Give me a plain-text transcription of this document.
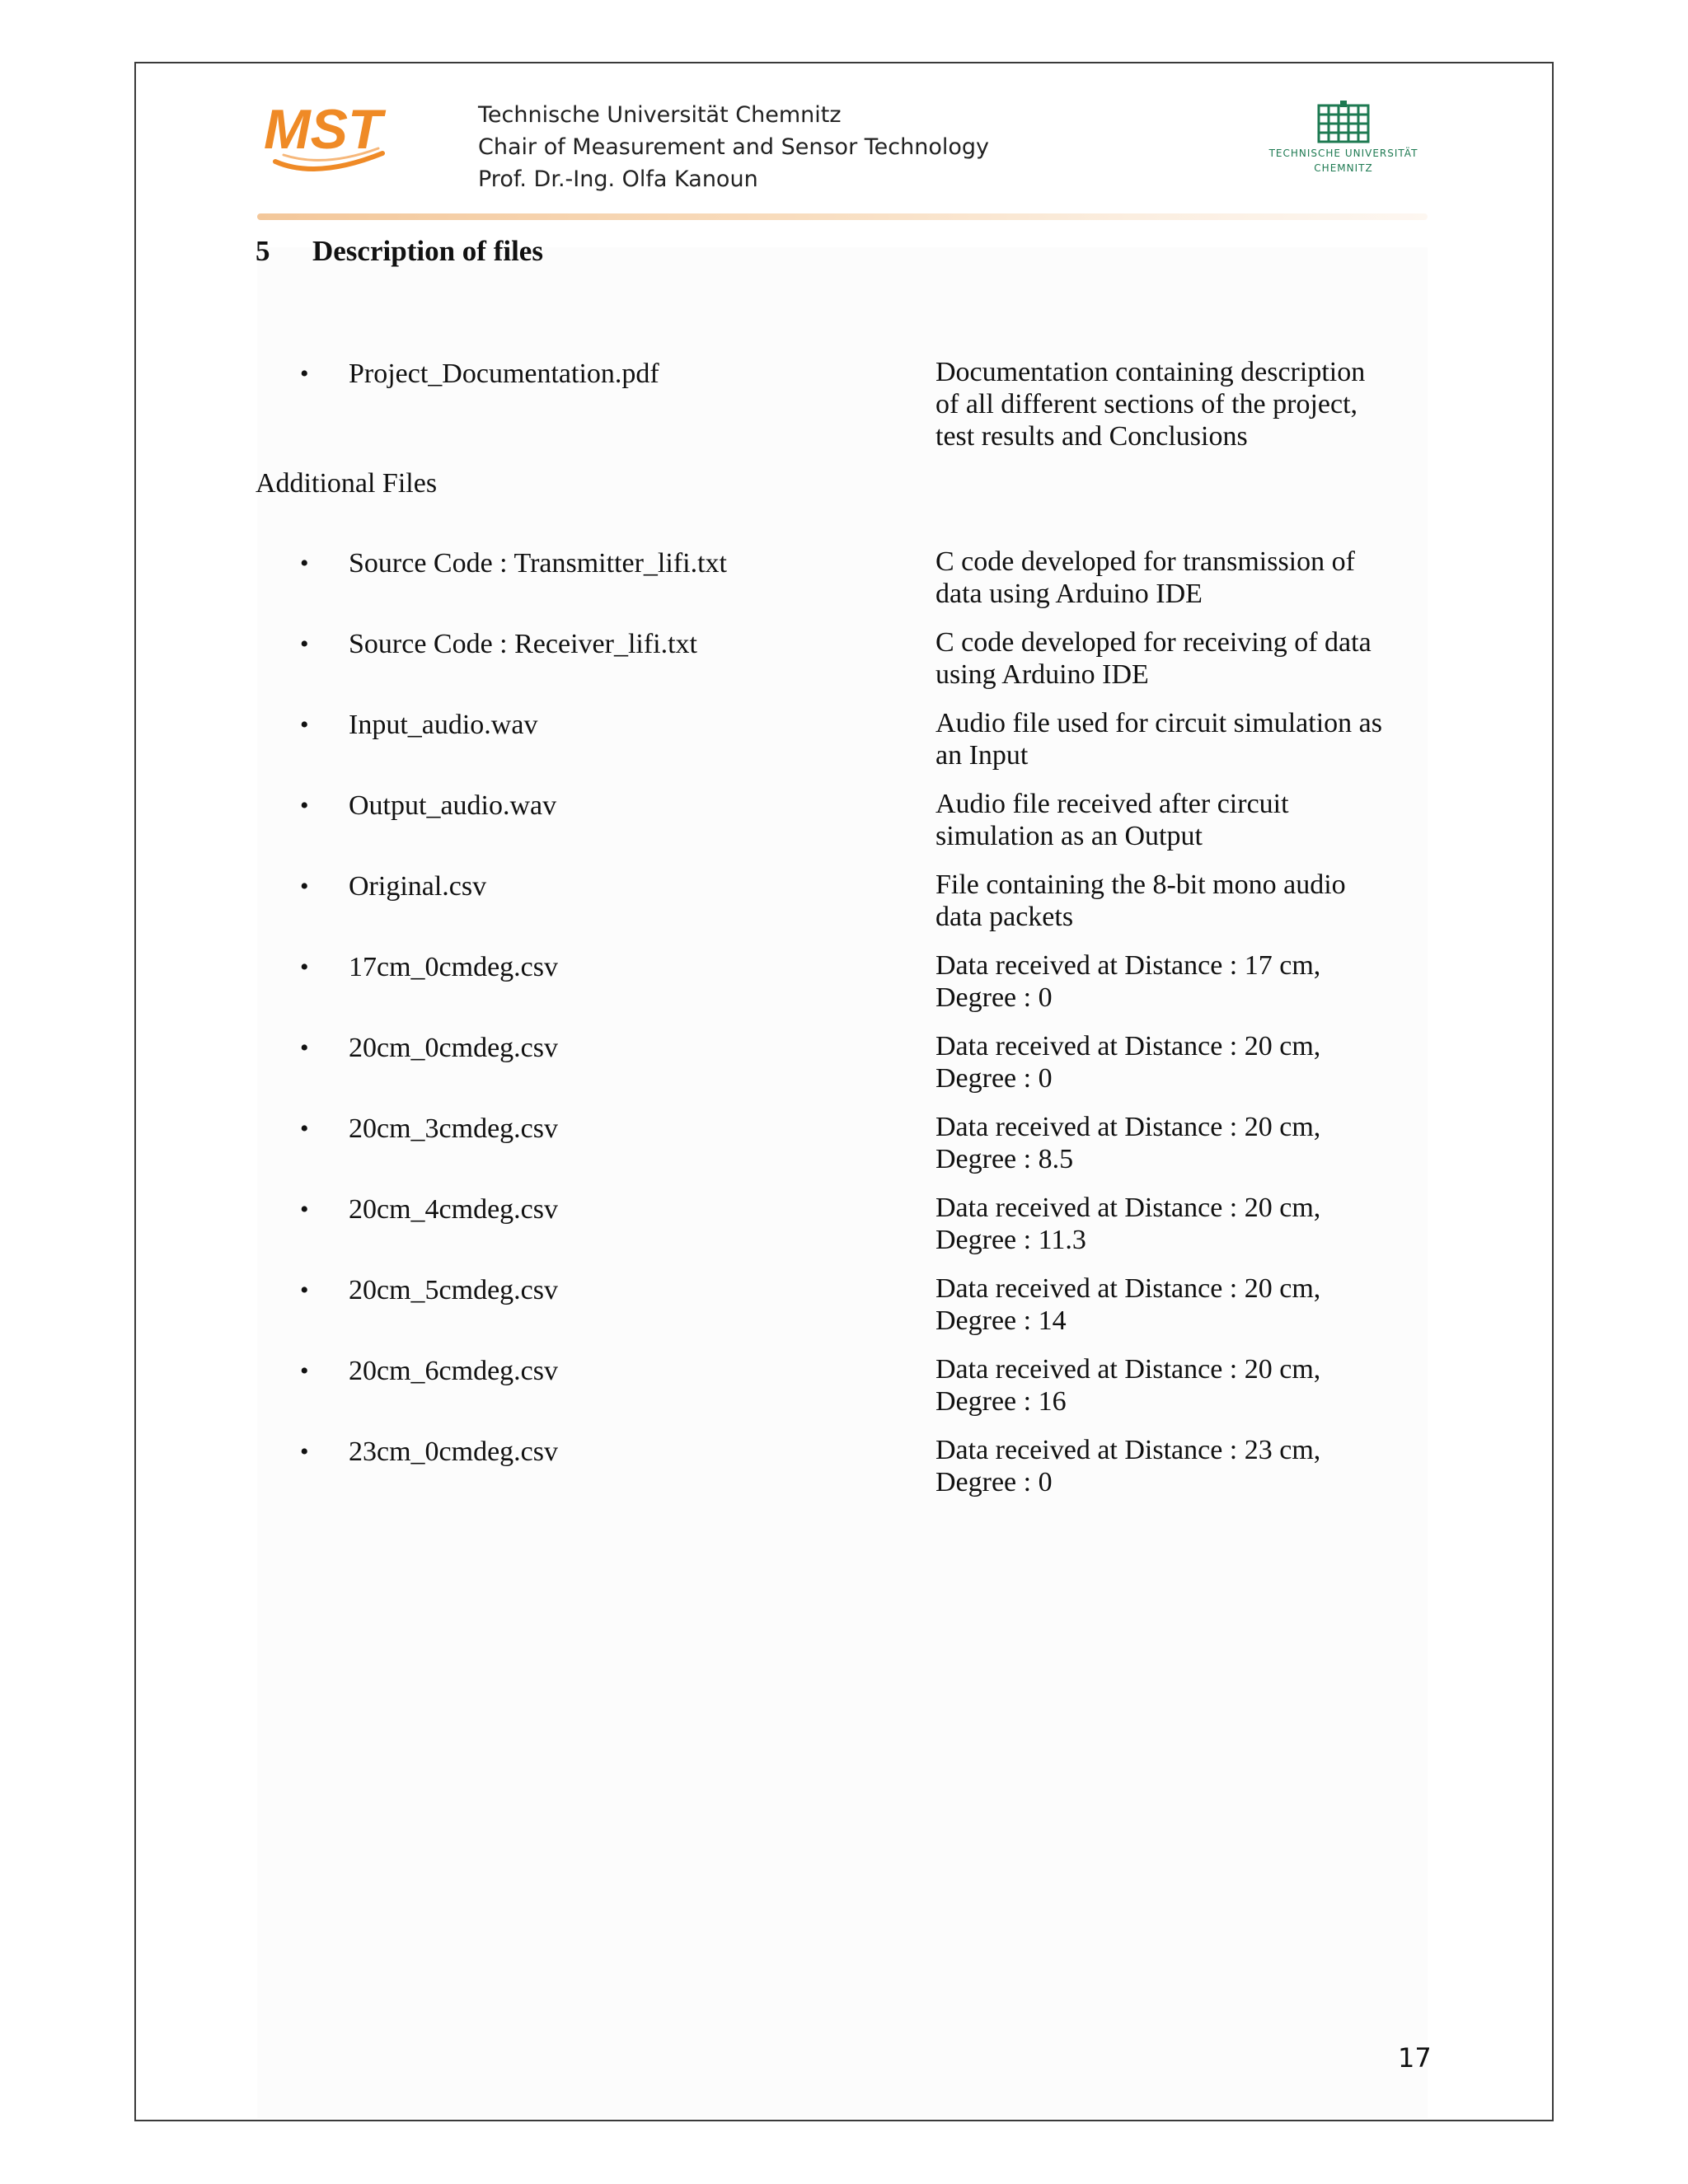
MST	Technische Universität Chemnitz
Chair of Measurement and Sensor Technology
Prof. Dr.-Ing. Olfa Kanoun
TECHNISCHE UNIVERSITÄT
CHEMNITZ
5 Description of files
• Project_Documentation.pdf	Documentation containing description
of all different sections of the project,
test results and Conclusions
Additional Files
• Source Code : Transmitter_lifi.txt	C code developed for transmission of
data using Arduino IDE
• Source Code : Receiver_lifi.txt	C code developed for receiving of data
using Arduino IDE
• Input_audio.wav	Audio file used for circuit simulation as
an Input
• Output_audio.wav	Audio file received after circuit
simulation as an Output
• Original.csv	File containing the 8-bit mono audio
data packets
• 17cm_0cmdeg.csv	Data received at Distance : 17 cm,
Degree : 0
• 20cm_0cmdeg.csv	Data received at Distance : 20 cm,
Degree : 0
• 20cm_3cmdeg.csv	Data received at Distance : 20 cm,
Degree : 8.5
• 20cm_4cmdeg.csv	Data received at Distance : 20 cm,
Degree : 11.3
• 20cm_5cmdeg.csv	Data received at Distance : 20 cm,
Degree : 14
• 20cm_6cmdeg.csv	Data received at Distance : 20 cm,
Degree : 16
• 23cm_0cmdeg.csv	Data received at Distance : 23 cm,
Degree : 0
17
